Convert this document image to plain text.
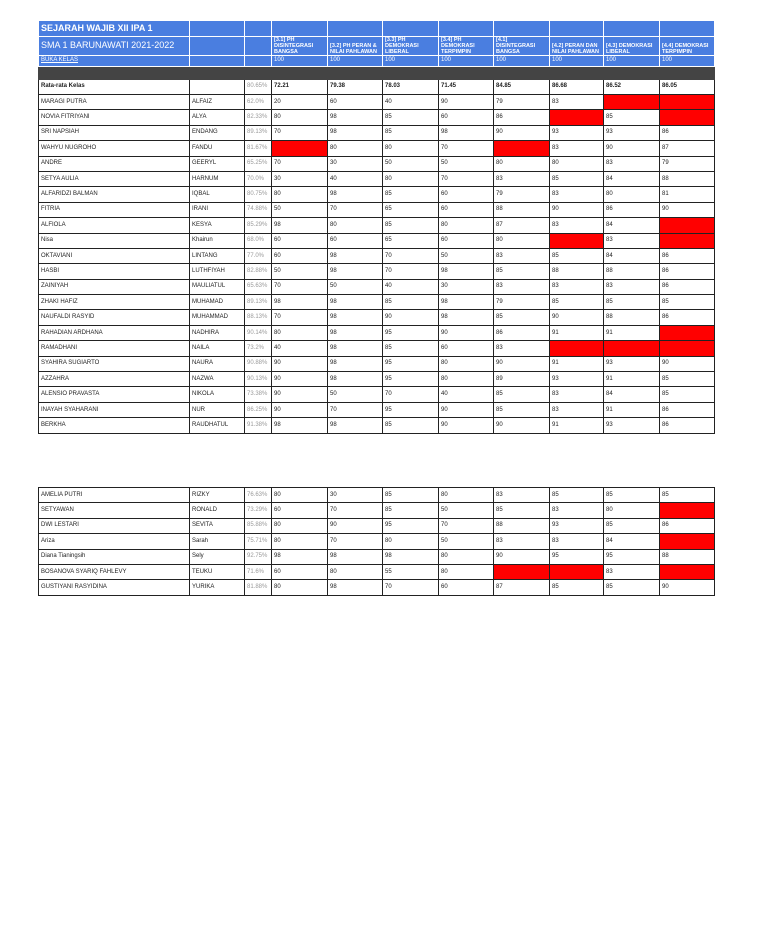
SEJARAH WAJIB XII IPA 1										
SMA 1 BARUNAWATI 2021-2022			[3.1] PH DISINTEGRASI BANGSA	[3.2] PH PERAN & NILAI PAHLAWAN	[3.3] PH DEMOKRASI LIBERAL	[3.4] PH DEMOKRASI TERPIMPIN	[4.1] DISINTEGRASI BANGSA	[4.2] PERAN DAN NILAI PAHLAWAN	[4.3] DEMOKRASI LIBERAL	[4.4] DEMOKRASI TERPIMPIN
BUKA KELAS			100	100	100	100	100	100	100	100

Rata-rata Kelas		80.65%	72.21	79.38	78.03	71.45	84.85	86.68	86.52	86.05
MARAGI PUTRA	ALFAIZ	62.0%	20	60	40	90	79	83		
NOVIA FITRIYANI	ALYA	82.33%	80	98	85	60	86		85	
SRI NAPSIAH	ENDANG	89.13%	70	98	85	98	90	93	93	86
WAHYU NUGROHO	FANDU	81.67%		80	80	70		83	90	87
ANDRE	GEERYL	65.25%	70	30	50	50	80	80	83	79
SETYA AULIA	HARNUM	70.0%	30	40	80	70	83	85	84	88
ALFARIDZI BALMAN	IQBAL	80.75%	80	98	85	60	79	83	80	81
FITRIA	IRANI	74.88%	50	70	65	60	88	90	86	90
ALFIOLA	KESYA	85.29%	98	80	85	80	87	83	84	
Nisa	Khairun	68.0%	60	60	65	60	80		83	
OKTAVIANI	LINTANG	77.0%	60	98	70	50	83	85	84	86
HASBI	LUTHFIYAH	82.88%	50	98	70	98	85	88	88	86
ZAINIYAH	MAULIATUL	65.63%	70	50	40	30	83	83	83	86
ZHAKI HAFIZ	MUHAMAD	89.13%	98	98	85	98	79	85	85	85
NAUFALDI RASYID	MUHAMMAD	88.13%	70	98	90	98	85	90	88	86
RAHADIAN ARDHANA	NADHIRA	90.14%	80	98	95	90	86	91	91	
RAMADHANI	NAILA	73.2%	40	98	85	60	83			
SYAHIRA SUGIARTO	NAURA	90.88%	90	98	95	80	90	91	93	90
AZZAHRA	NAZWA	90.13%	90	98	95	80	89	93	91	85
ALENSIO PRAVASTA	NIKOLA	73.38%	90	50	70	40	85	83	84	85
INAYAH SYAHARANI	NUR	86.25%	90	70	95	90	85	83	91	86
BERKHA	RAUDHATUL	91.38%	98	98	85	90	90	91	93	86
AMELIA PUTRI	RIZKY	76.63%	80	30	85	80	83	85	85	85
SETYAWAN	RONALD	73.29%	60	70	85	50	85	83	80	
DWI LESTARI	SEVITA	85.88%	80	90	95	70	88	93	85	86
Ariza	Sarah	75.71%	80	70	80	50	83	83	84	
Diana Tianingsih	Sely	92.75%	98	98	98	80	90	95	95	88
BOSANOVA SYARIQ FAHLEVY	TEUKU	71.6%	60	80	55	80			83	
GUSTIYANI RASYIDINA	YURIKA	81.88%	80	98	70	60	87	85	85	90
